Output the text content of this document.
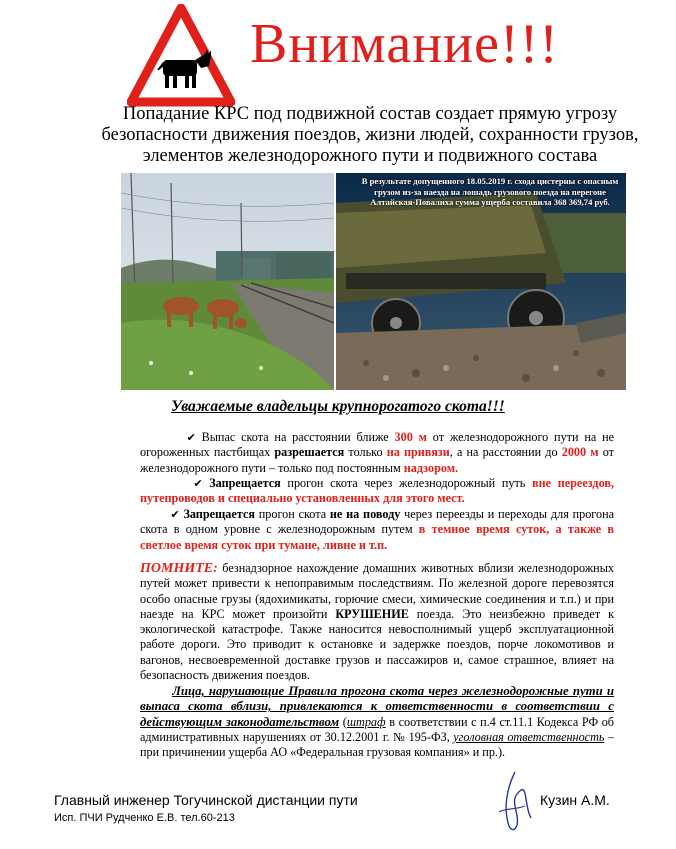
Внимание!!!
Попадание КРС под подвижной состав создает прямую угрозу безопасности движения поездов, жизни людей, сохранности грузов, элементов железнодорожного пути и подвижного состава
В результате допущенного 18.05.2019 г. схода цистерны с опасным грузом из-за наезда на лошадь грузового поезда на перегоне Алтайская-Повалиха сумма ущерба составила 368 369,74 руб.
Уважаемые владельцы крупнорогатого скота!!!
✔ Выпас скота на расстоянии ближе 300 м от железнодорожного пути на не огороженных пастбищах разрешается только на привязи, а на расстоянии до 2000 м от железнодорожного пути – только под постоянным надзором.
✔ Запрещается прогон скота через железнодорожный путь вне переездов, путепроводов и специально установленных для этого мест.
✔ Запрещается прогон скота не на поводу через переезды и переходы для прогона скота в одном уровне с железнодорожным путем в темное время суток, а также в светлое время суток при тумане, ливне и т.п.
ПОМНИТЕ: безнадзорное нахождение домашних животных вблизи железнодорожных путей может привести к непоправимым последствиям. По железной дороге перевозятся особо опасные грузы (ядохимикаты, горючие смеси, химические соединения и т.п.) и при наезде на КРС может произойти КРУШЕНИЕ поезда. Это неизбежно приведет к экологической катастрофе. Также наносится невосполнимый ущерб эксплуатационной работе дороги. Это приводит к остановке и задержке поездов, порче локомотивов и вагонов, несвоевременной доставке грузов и пассажиров и, самое страшное, влияет на безопасность движения поездов.
Лица, нарушающие Правила прогона скота через железнодорожные пути и выпаса скота вблизи, привлекаются к ответственности в соответствии с действующим законодательством (штраф в соответствии с п.4 ст.11.1 Кодекса РФ об административных нарушениях от 30.12.2001 г. № 195-ФЗ, уголовная ответственность – при причинении ущерба АО «Федеральная грузовая компания» и пр.).
Главный инженер Тогучинской дистанции пути	Кузин А.М.
Исп. ПЧИ Рудченко Е.В. тел.60-213
